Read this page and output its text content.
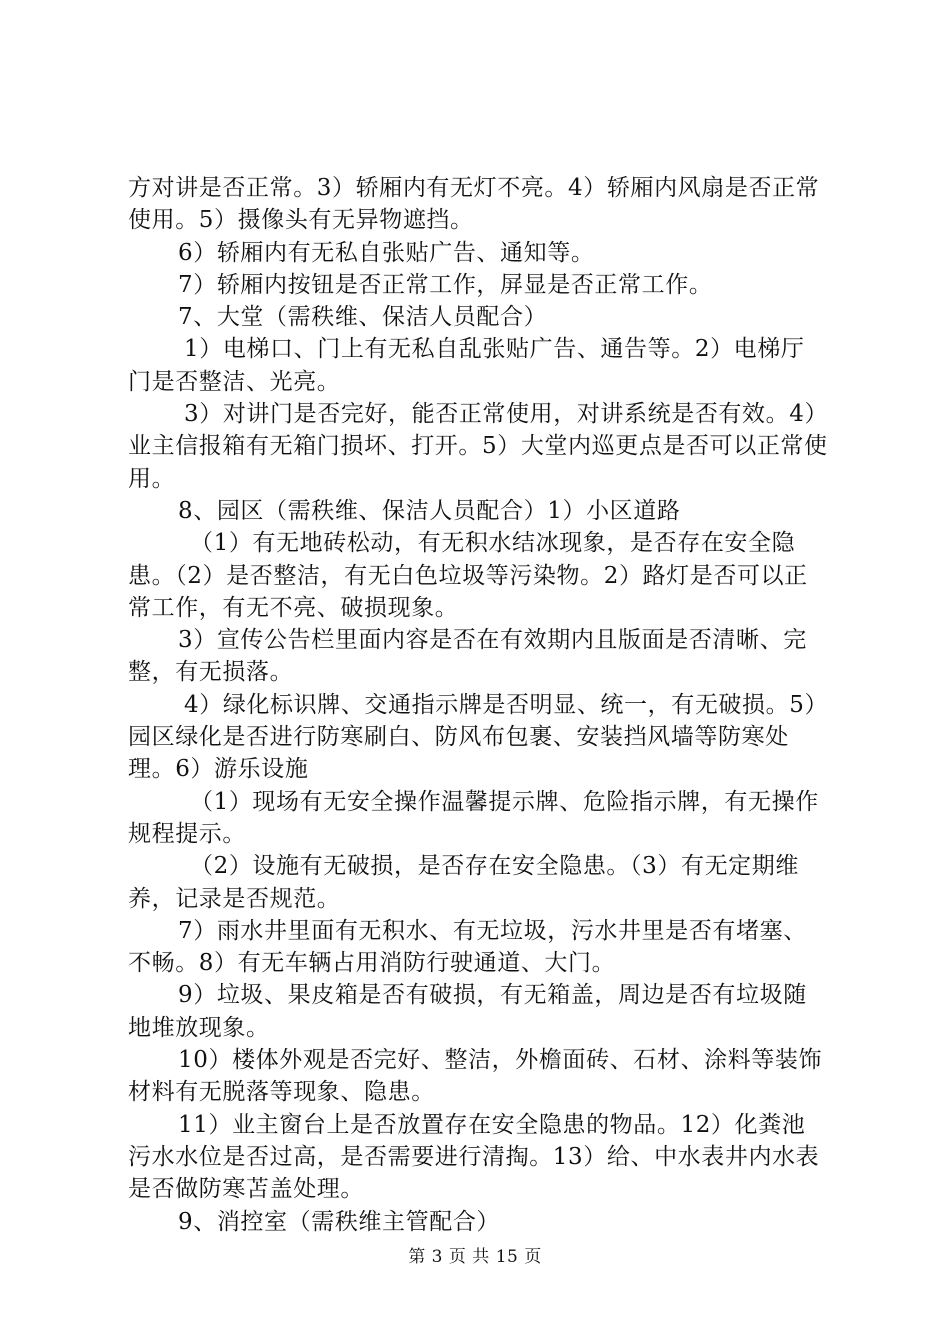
方对讲是否正常。3）轿厢内有无灯不亮。4）轿厢内风扇是否正常使用。5）摄像头有无异物遮挡。

6）轿厢内有无私自张贴广告、通知等。

7）轿厢内按钮是否正常工作，屏显是否正常工作。

7、大堂（需秩维、保洁人员配合）

1）电梯口、门上有无私自乱张贴广告、通告等。2）电梯厅门是否整洁、光亮。

3）对讲门是否完好，能否正常使用，对讲系统是否有效。4）业主信报箱有无箱门损坏、打开。5）大堂内巡更点是否可以正常使用。

8、园区（需秩维、保洁人员配合）1）小区道路

（1）有无地砖松动，有无积水结冰现象，是否存在安全隐患。（2）是否整洁，有无白色垃圾等污染物。2）路灯是否可以正常工作，有无不亮、破损现象。

3）宣传公告栏里面内容是否在有效期内且版面是否清晰、完整，有无损落。

4）绿化标识牌、交通指示牌是否明显、统一，有无破损。5）园区绿化是否进行防寒刷白、防风布包裹、安装挡风墙等防寒处理。6）游乐设施

（1）现场有无安全操作温馨提示牌、危险指示牌，有无操作规程提示。

（2）设施有无破损，是否存在安全隐患。（3）有无定期维养，记录是否规范。

7）雨水井里面有无积水、有无垃圾，污水井里是否有堵塞、不畅。8）有无车辆占用消防行驶通道、大门。

9）垃圾、果皮箱是否有破损，有无箱盖，周边是否有垃圾随地堆放现象。

10）楼体外观是否完好、整洁，外檐面砖、石材、涂料等装饰材料有无脱落等现象、隐患。

11）业主窗台上是否放置存在安全隐患的物品。12）化粪池污水水位是否过高，是否需要进行清掏。13）给、中水表井内水表是否做防寒苫盖处理。

9、消控室（需秩维主管配合）

第 3 页 共 15 页
